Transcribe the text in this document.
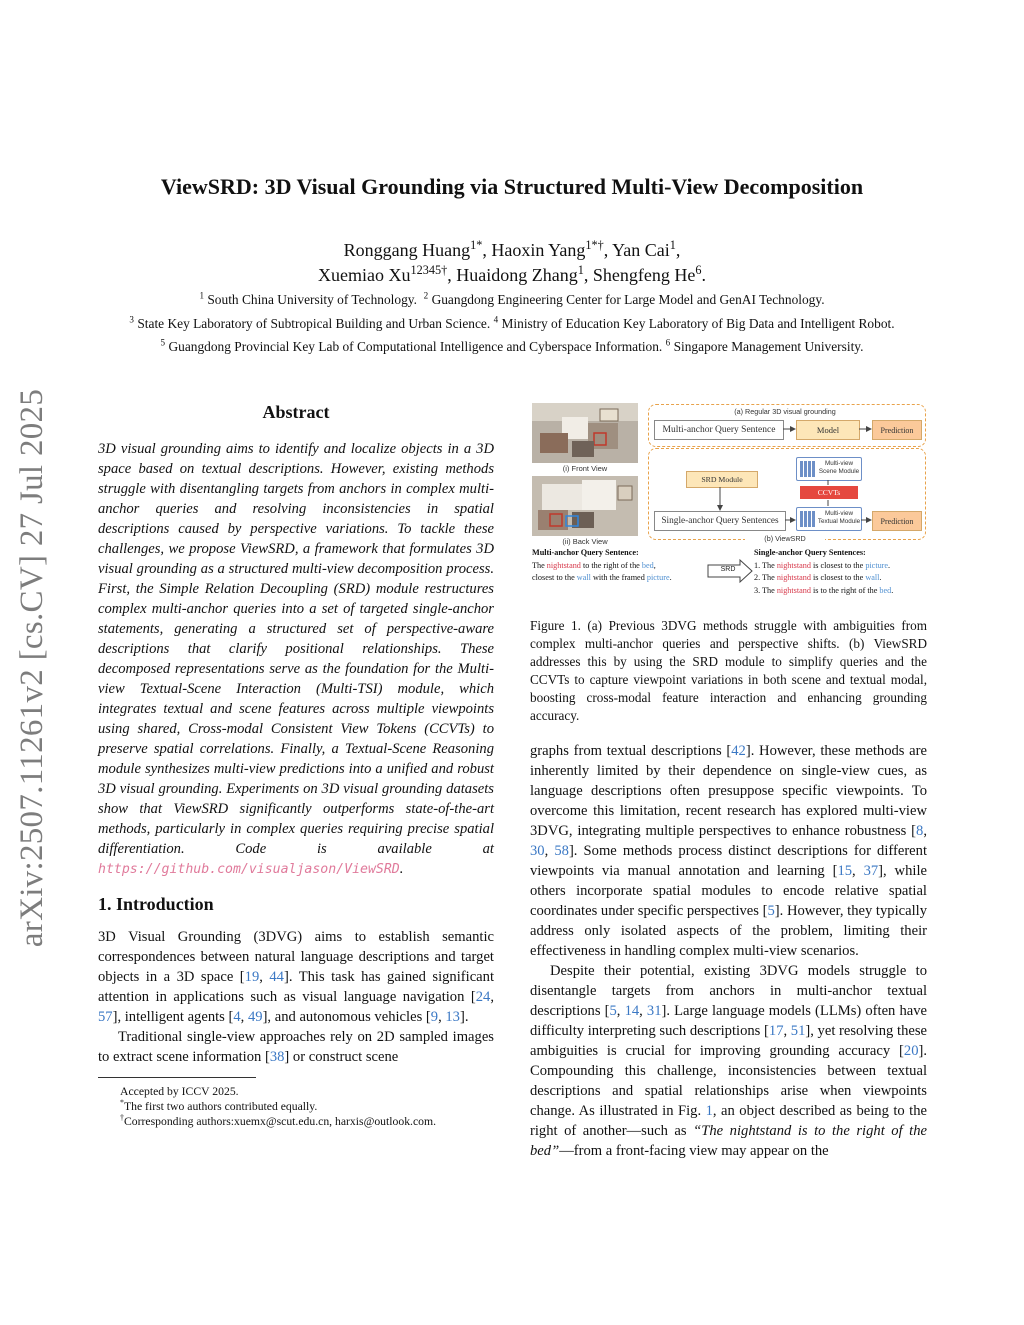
arXiv:2507.11261v2 [cs.CV] 27 Jul 2025
ViewSRD: 3D Visual Grounding via Structured Multi-View Decomposition
Ronggang Huang$^{1*}$, Haoxin Yang$^{1*\dagger}$, Yan Cai$^1$,
Xuemiao $Xu^{12345\dagger}$, Huaidong Zhang$^1$, Shengfeng He$^6$.
$^1$ South China University of Technology. $^2$ Guangdong Engineering Center for Large Model and GenAI Technology.
$^3$ State Key Laboratory of Subtropical Building and Urban Science. $^4$ Ministry of Education Key Laboratory of Big Data and Intelligent Robot.
$^5$ Guangdong Provincial Key Lab of Computational Intelligence and Cyberspace Information. $^6$ Singapore Management University.
Abstract

3D visual grounding aims to identify and localize objects in a 3D space based on textual descriptions. However, existing methods struggle with disentangling targets from anchors in complex multi-anchor queries and resolving inconsistencies in spatial descriptions caused by perspective variations. To tackle these challenges, we propose ViewSRD, a framework that formulates 3D visual grounding as a structured multi-view decomposition process. First, the Simple Relation Decoupling (SRD) module restructures complex multi-anchor queries into a set of targeted single-anchor statements, generating a structured set of perspective-aware descriptions that clarify positional relationships. These decomposed representations serve as the foundation for the Multi-view Textual-Scene Interaction (Multi-TSI) module, which integrates textual and scene features across multiple viewpoints using shared, Cross-modal Consistent View Tokens (CCVTs) to preserve spatial correlations. Finally, a Textual-Scene Reasoning module synthesizes multi-view predictions into a unified and robust 3D visual grounding. Experiments on 3D visual grounding datasets show that ViewSRD significantly outperforms state-of-the-art methods, particularly in complex queries requiring precise spatial differentiation. Code is available at https://github.com/visualjason/ViewSRD.

1. Introduction

3D Visual Grounding (3DVG) aims to establish semantic correspondences between natural language descriptions and target objects in a 3D space [19, 44]. This task has gained significant attention in applications such as visual language navigation [24, 57], intelligent agents [4, 49], and autonomous vehicles [9, 13].

Traditional single-view approaches rely on 2D sampled images to extract scene information [38] or construct scene

Accepted by ICCV 2025.
*The first two authors contributed equally.
†Corresponding authors:xuemx@scut.edu.cn, harxis@outlook.com.
(i) Front View
(ii) Back View
(a) Regular 3D visual grounding
(b) ViewSRD
Multi-anchor Query Sentence	Model	Prediction
SRD Module
Multi-view
Scene Module
CCVTs
Single-anchor Query Sentences
Multi-view
Textual Module	Prediction
SRD
Multi-anchor Query Sentence:
The nightstand to the right of the bed,
closest to the wall with the framed picture.
Single-anchor Query Sentences:
1. The nightstand is closest to the picture.
2. The nightstand is closest to the wall.
3. The nightstand is to the right of the bed.
Figure 1. (a) Previous 3DVG methods struggle with ambiguities from complex multi-anchor queries and perspective shifts. (b) ViewSRD addresses this by using the SRD module to simplify queries and the CCVTs to capture viewpoint variations in both scene and textual modal, boosting cross-modal feature interaction and enhancing grounding accuracy.

graphs from textual descriptions [42]. However, these methods are inherently limited by their dependence on single-view cues, as language descriptions often presuppose specific viewpoints. To overcome this limitation, recent research has explored multi-view 3DVG, integrating multiple perspectives to enhance robustness [8, 30, 58]. Some methods process distinct descriptions for different viewpoints via manual annotation and learning [15, 37], while others incorporate spatial modules to encode relative spatial coordinates under specific perspectives [5]. However, they typically address only isolated aspects of the problem, limiting their effectiveness in handling complex multi-view scenarios.

Despite their potential, existing 3DVG models struggle to disentangle targets from anchors in multi-anchor textual descriptions [5, 14, 31]. Large language models (LLMs) often have difficulty interpreting such descriptions [17, 51], yet resolving these ambiguities is crucial for improving grounding accuracy [20]. Compounding this challenge, inconsistencies between textual descriptions and spatial relationships arise when viewpoints change. As illustrated in Fig. 1, an object described as being to the right of another—such as “The nightstand is to the right of the bed”—from a front-facing view may appear on the
